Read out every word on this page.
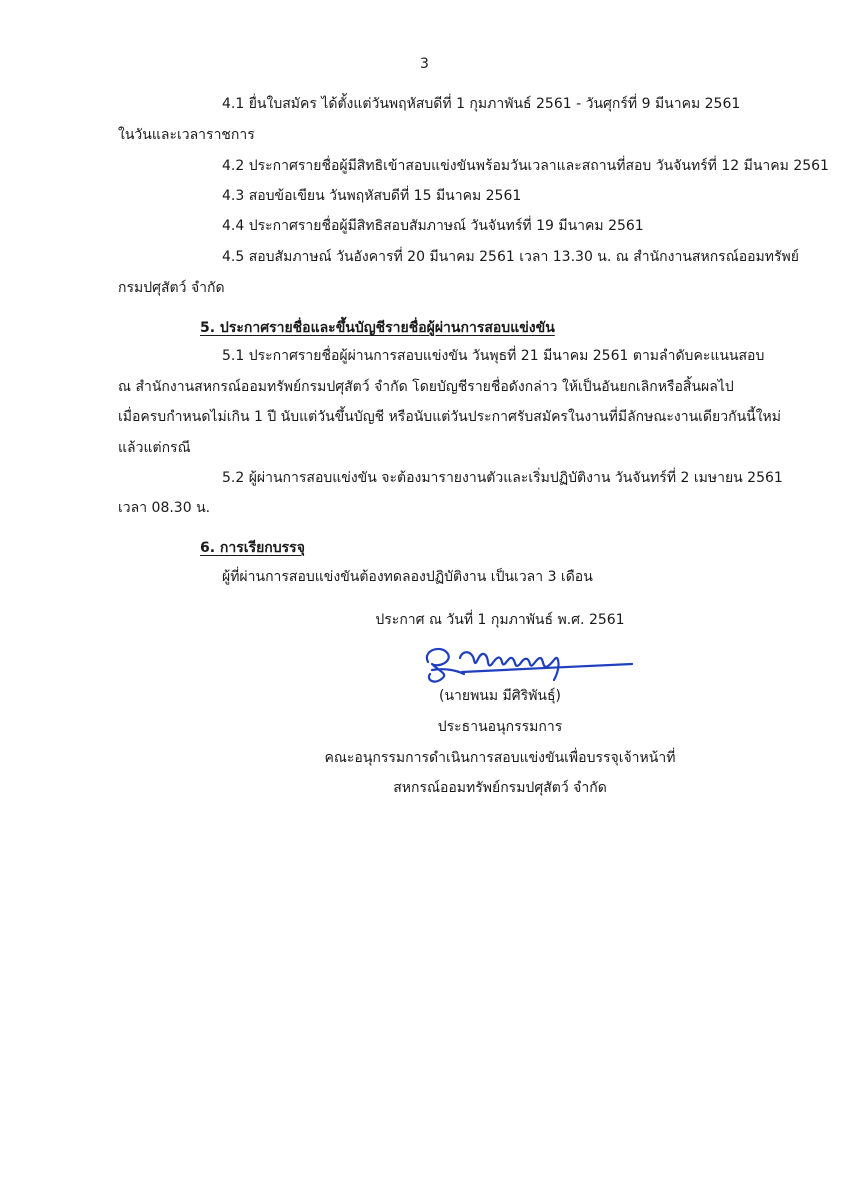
3
4.1 ยื่นใบสมัคร ได้ตั้งแต่วันพฤหัสบดีที่ 1 กุมภาพันธ์ 2561 - วันศุกร์ที่ 9 มีนาคม 2561
ในวันและเวลาราชการ
4.2 ประกาศรายชื่อผู้มีสิทธิเข้าสอบแข่งขันพร้อมวันเวลาและสถานที่สอบ วันจันทร์ที่ 12 มีนาคม 2561
4.3 สอบข้อเขียน วันพฤหัสบดีที่ 15 มีนาคม 2561
4.4 ประกาศรายชื่อผู้มีสิทธิสอบสัมภาษณ์ วันจันทร์ที่ 19 มีนาคม 2561
4.5 สอบสัมภาษณ์ วันอังคารที่ 20 มีนาคม 2561 เวลา 13.30 น. ณ สำนักงานสหกรณ์ออมทรัพย์
กรมปศุสัตว์ จำกัด
5. ประกาศรายชื่อและขึ้นบัญชีรายชื่อผู้ผ่านการสอบแข่งขัน
5.1 ประกาศรายชื่อผู้ผ่านการสอบแข่งขัน วันพุธที่ 21 มีนาคม 2561 ตามลำดับคะแนนสอบ
ณ สำนักงานสหกรณ์ออมทรัพย์กรมปศุสัตว์ จำกัด โดยบัญชีรายชื่อดังกล่าว ให้เป็นอันยกเลิกหรือสิ้นผลไป
เมื่อครบกำหนดไม่เกิน 1 ปี นับแต่วันขึ้นบัญชี หรือนับแต่วันประกาศรับสมัครในงานที่มีลักษณะงานเดียวกันนี้ใหม่
แล้วแต่กรณี
5.2 ผู้ผ่านการสอบแข่งขัน จะต้องมารายงานตัวและเริ่มปฏิบัติงาน วันจันทร์ที่ 2 เมษายน 2561
เวลา 08.30 น.
6. การเรียกบรรจุ
ผู้ที่ผ่านการสอบแข่งขันต้องทดลองปฏิบัติงาน เป็นเวลา 3 เดือน
ประกาศ ณ วันที่ 1 กุมภาพันธ์ พ.ศ. 2561
(นายพนม มีศิริพันธุ์)
ประธานอนุกรรมการ
คณะอนุกรรมการดำเนินการสอบแข่งขันเพื่อบรรจุเจ้าหน้าที่
สหกรณ์ออมทรัพย์กรมปศุสัตว์ จำกัด
